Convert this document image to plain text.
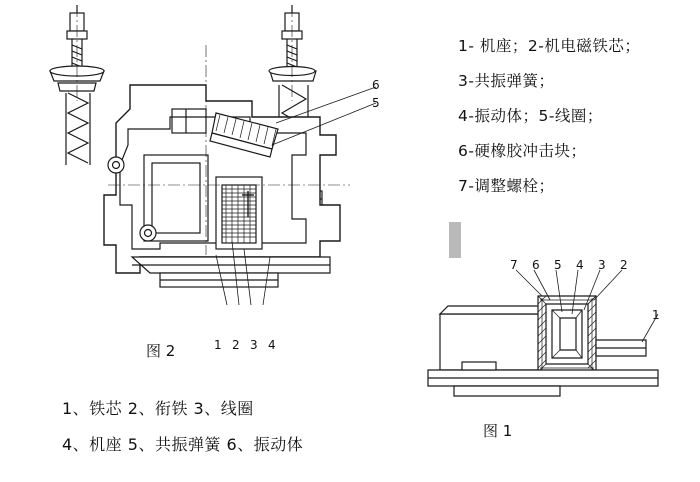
6
5
1 2 3 4
图 2
1- 机座；2-机电磁铁芯；
3-共振弹簧；
4-振动体；5-线圈；
6-硬橡胶冲击块；
7-调整螺栓；
7 6 5 4 3 2
1
图 1
1、铁芯 2、衔铁 3、线圈
4、机座 5、共振弹簧 6、振动体
